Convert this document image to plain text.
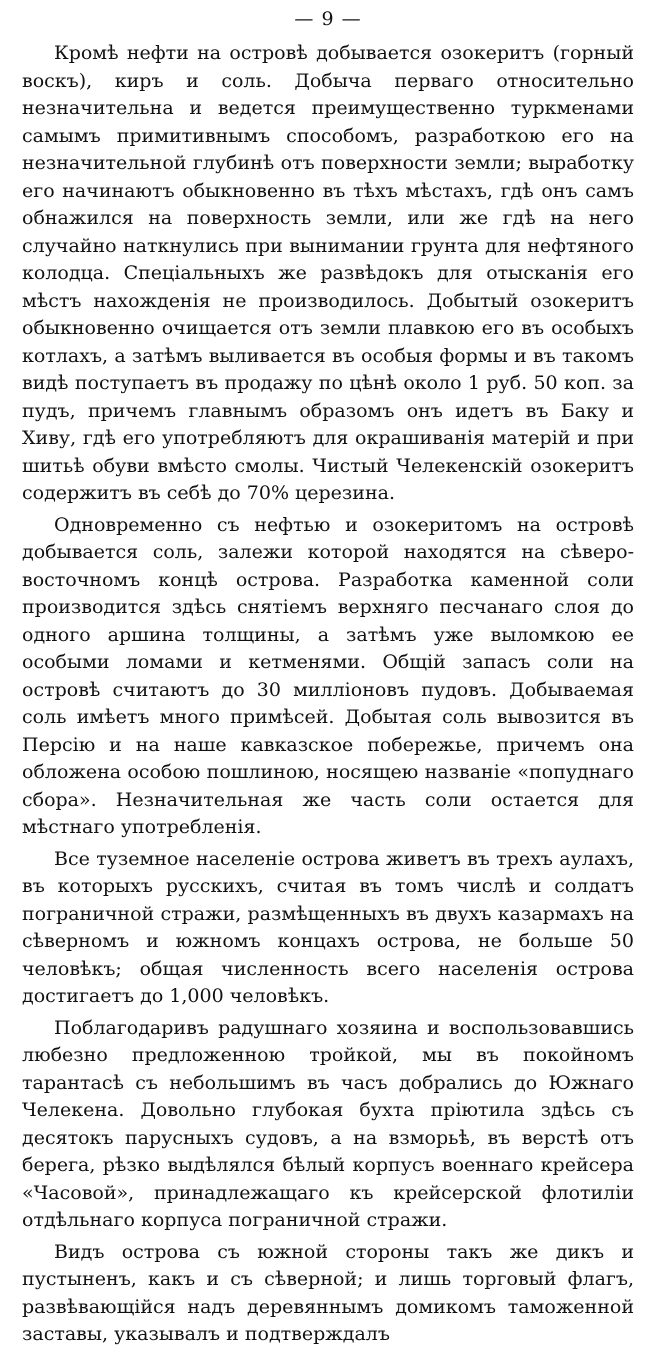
— 9 —

Кромѣ нефти на островѣ добывается озокеритъ (горный воскъ), киръ и соль. Добыча перваго относительно незначительна и ведется преимущественно туркменами самымъ примитивнымъ способомъ, разработкою его на незначительной глубинѣ отъ поверхности земли; выработку его начинаютъ обыкновенно въ тѣхъ мѣстахъ, гдѣ онъ самъ обнажился на поверхность земли, или же гдѣ на него случайно наткнулись при вынимании грунта для нефтяного колодца. Спеціальныхъ же развѣдокъ для отысканія его мѣстъ нахожденія не производилось. Добытый озокеритъ обыкновенно очищается отъ земли плавкою его въ особыхъ котлахъ, а затѣмъ выливается въ особыя формы и въ такомъ видѣ поступаетъ въ продажу по цѣнѣ около 1 руб. 50 коп. за пудъ, причемъ главнымъ образомъ онъ идетъ въ Баку и Хиву, гдѣ его употребляютъ для окрашиванія матерій и при шитьѣ обуви вмѣсто смолы. Чистый Челекенскій озокеритъ содержитъ въ себѣ до 70% церезина.

Одновременно съ нефтью и озокеритомъ на островѣ добывается соль, залежи которой находятся на сѣверо-восточномъ концѣ острова. Разработка каменной соли производится здѣсь снятіемъ верхняго песчанаго слоя до одного аршина толщины, а затѣмъ уже выломкою ее особыми ломами и кетменями. Общій запасъ соли на островѣ считаютъ до 30 милліоновъ пудовъ. Добываемая соль имѣетъ много примѣсей. Добытая соль вывозится въ Персію и на наше кавказское побережье, причемъ она обложена особою пошлиною, носящею названіе «попуднаго сбора». Незначительная же часть соли остается для мѣстнаго употребленія.

Все туземное населеніе острова живетъ въ трехъ аулахъ, въ которыхъ русскихъ, считая въ томъ числѣ и солдатъ пограничной стражи, размѣщенныхъ въ двухъ казармахъ на сѣверномъ и южномъ концахъ острова, не больше 50 человѣкъ; общая численность всего населенія острова достигаетъ до 1,000 человѣкъ.

Поблагодаривъ радушнаго хозяина и воспользовавшись любезно предложенною тройкой, мы въ покойномъ тарантасѣ съ небольшимъ въ часъ добрались до Южнаго Челекена. Довольно глубокая бухта пріютила здѣсь съ десятокъ парусныхъ судовъ, а на взморьѣ, въ верстѣ отъ берега, рѣзко выдѣлялся бѣлый корпусъ военнаго крейсера «Часовой», принадлежащаго къ крейсерской флотиліи отдѣльнаго корпуса пограничной стражи.

Видъ острова съ южной стороны такъ же дикъ и пустыненъ, какъ и съ сѣверной; и лишь торговый флагъ, развѣвающійся надъ деревяннымъ домикомъ таможенной заставы, указывалъ и подтверждалъ
